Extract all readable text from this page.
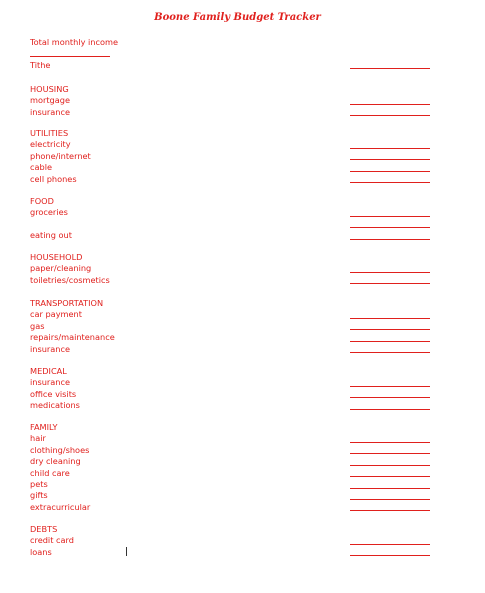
Boone Family Budget Tracker
Total monthly income
Tithe
HOUSING
mortgage
insurance
UTILITIES
electricity
phone/internet
cable
cell phones
FOOD
groceries
eating out
HOUSEHOLD
paper/cleaning
toiletries/cosmetics
TRANSPORTATION
car payment
gas
repairs/maintenance
insurance
MEDICAL
insurance
office visits
medications
FAMILY
hair
clothing/shoes
dry cleaning
child care
pets
gifts
extracurricular
DEBTS
credit card
loans
